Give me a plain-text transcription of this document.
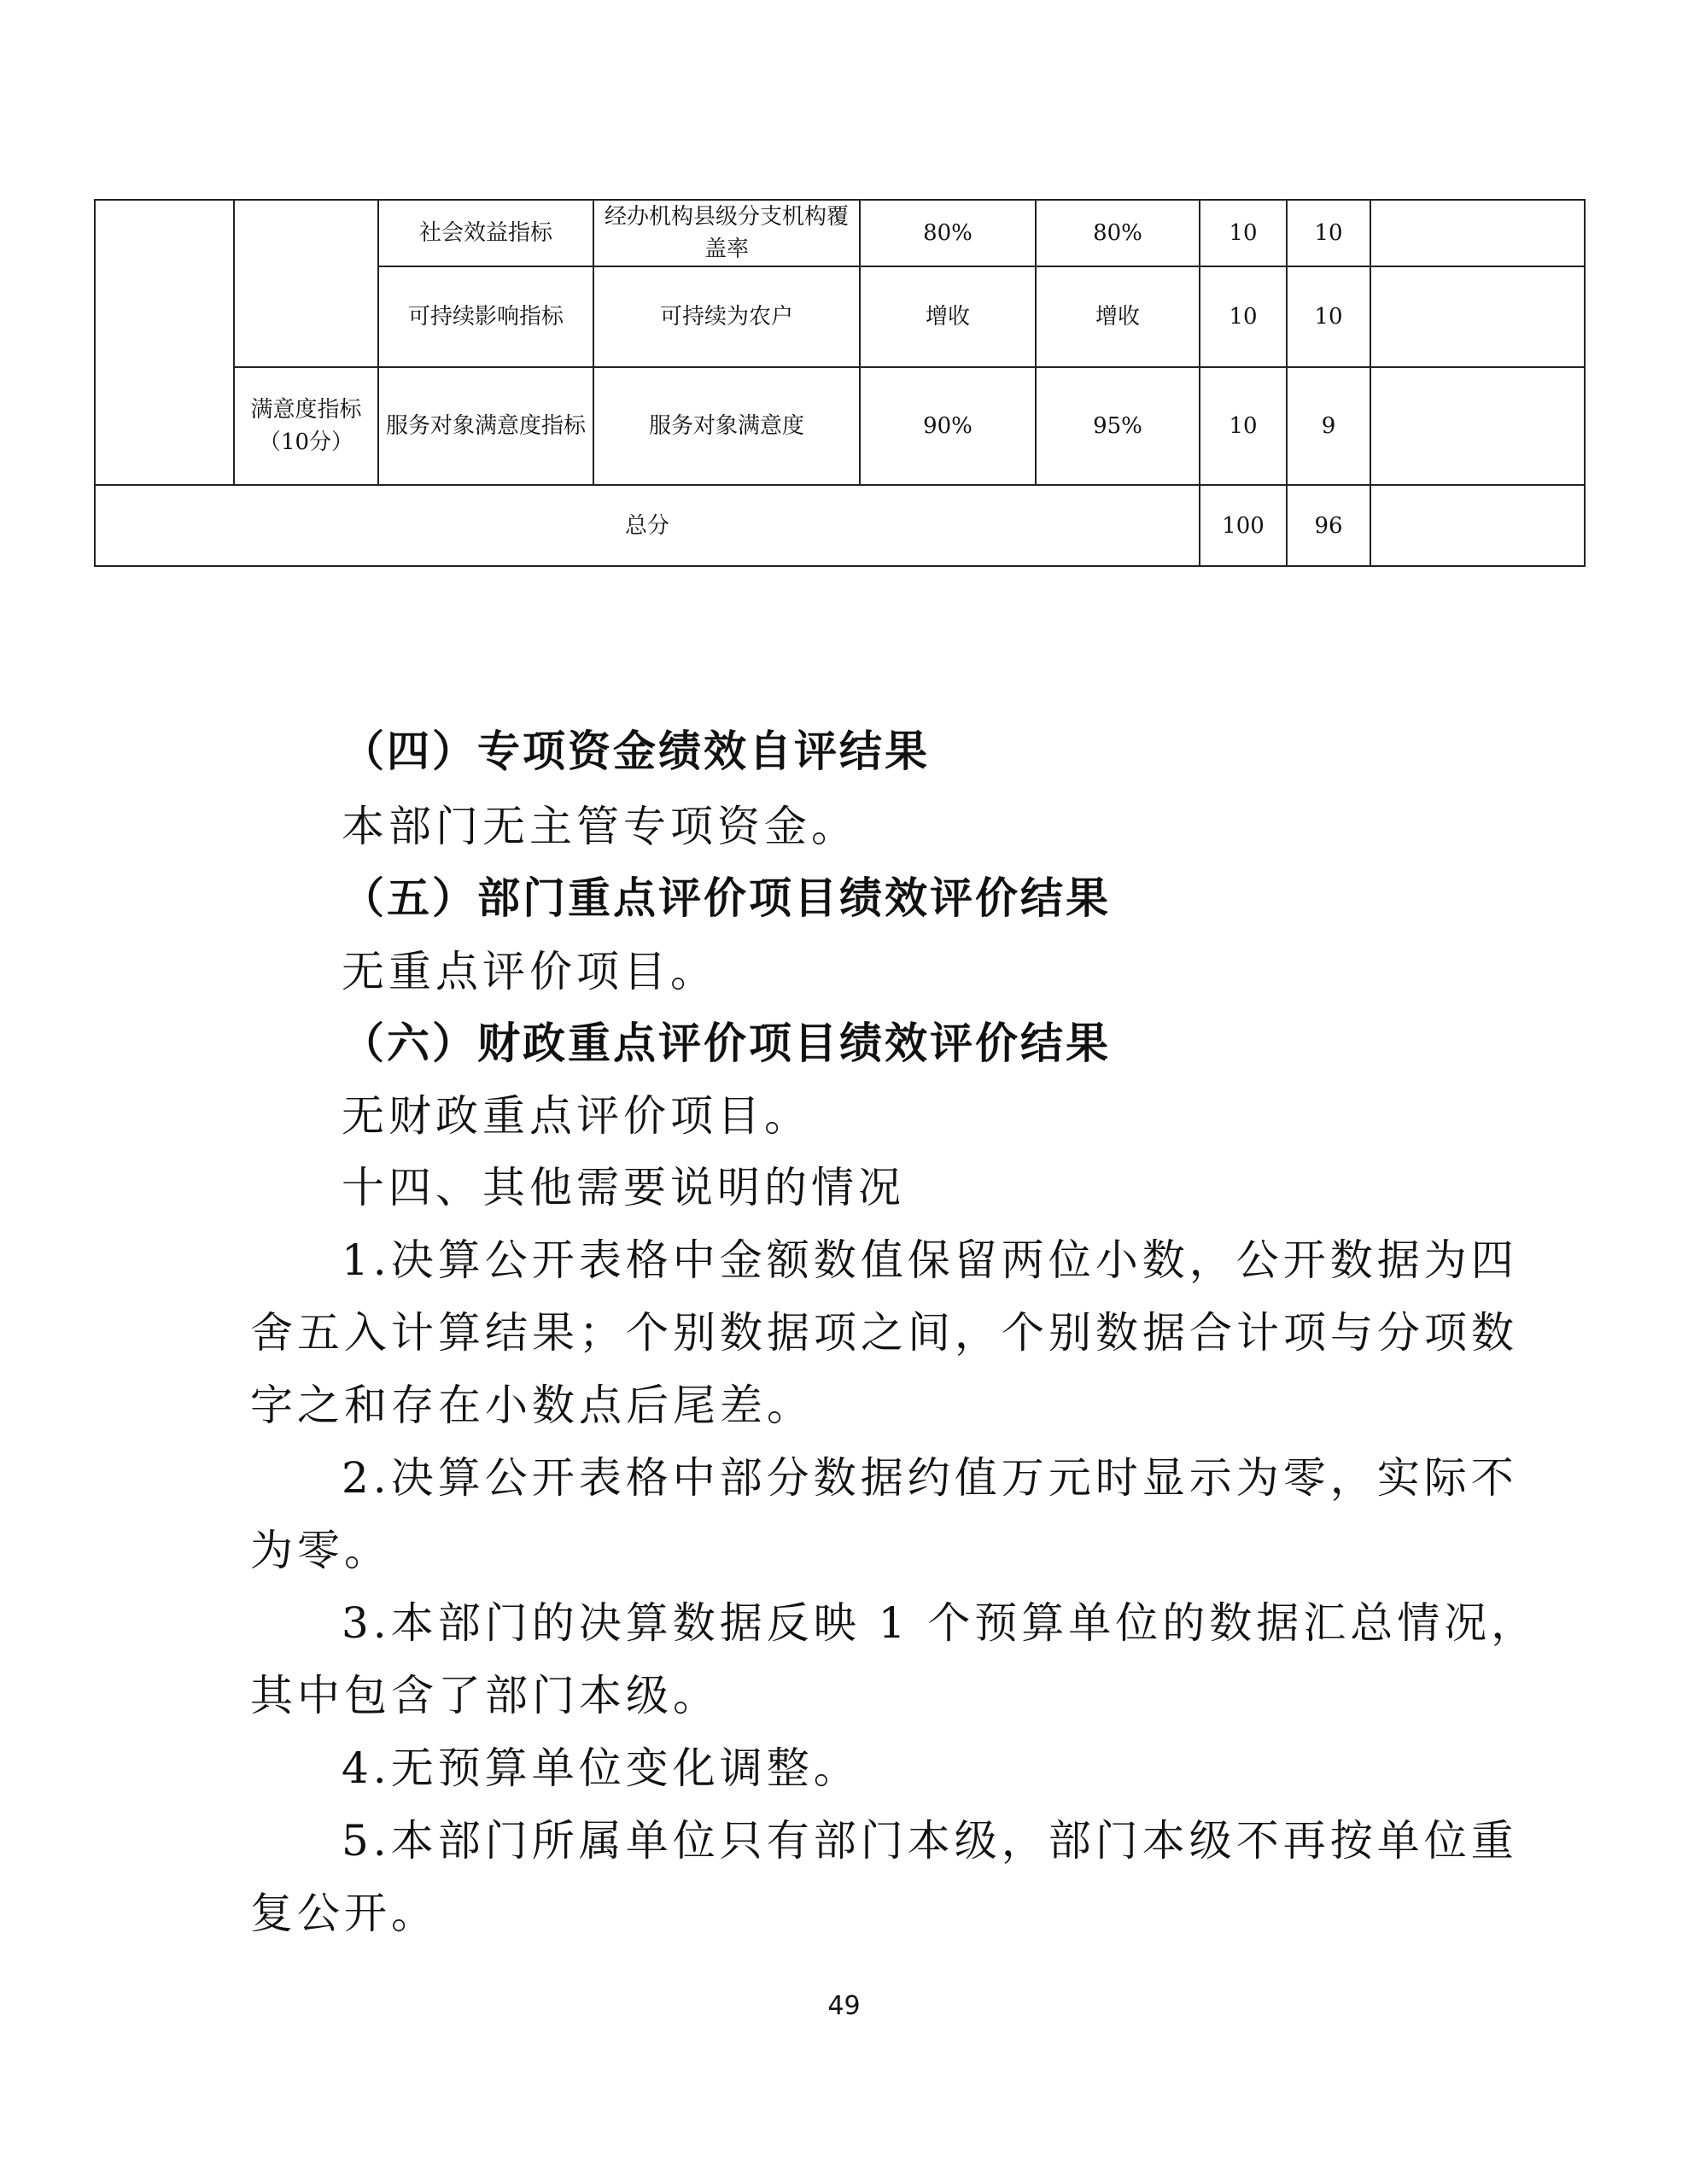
		社会效益指标	经办机构县级分支机构覆盖率	80%	80%	10	10	
		可持续影响指标	可持续为农户	增收	增收	10	10	
	满意度指标（10分）	服务对象满意度指标	服务对象满意度	90%	95%	10	9	
总分						100	96	
（四）专项资金绩效自评结果
本部门无主管专项资金。
（五）部门重点评价项目绩效评价结果
无重点评价项目。
（六）财政重点评价项目绩效评价结果
无财政重点评价项目。
十四、其他需要说明的情况
1.决算公开表格中金额数值保留两位小数，公开数据为四
舍五入计算结果；个别数据项之间，个别数据合计项与分项数
字之和存在小数点后尾差。
2.决算公开表格中部分数据约值万元时显示为零，实际不
为零。
3.本部门的决算数据反映 1 个预算单位的数据汇总情况，
其中包含了部门本级。
4.无预算单位变化调整。
5.本部门所属单位只有部门本级，部门本级不再按单位重
复公开。
49
